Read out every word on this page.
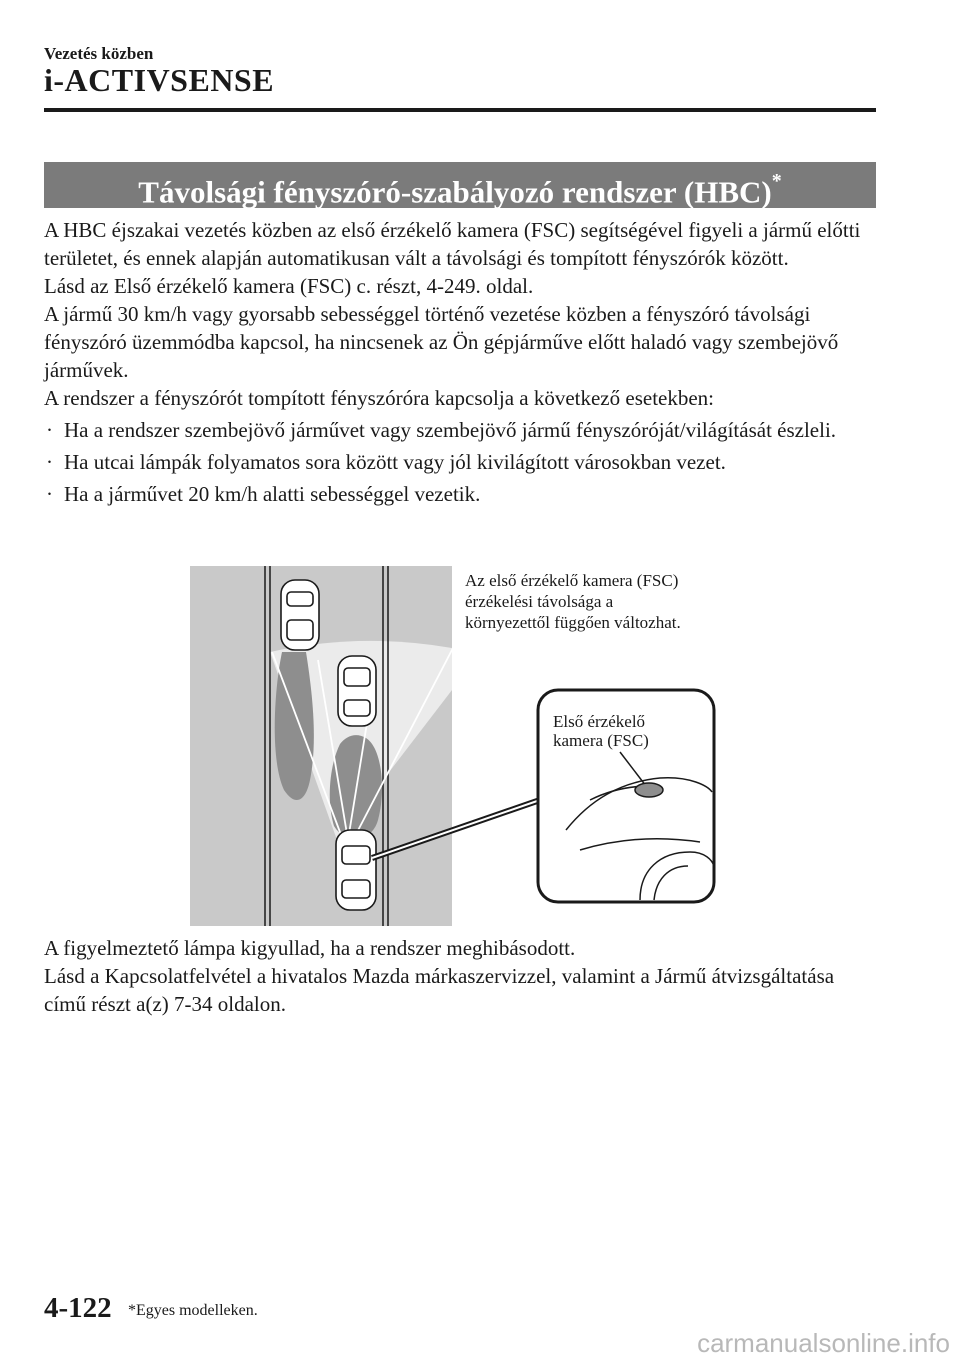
Vezetés közben
i-ACTIVSENSE
Távolsági fényszóró-szabályozó rendszer (HBC)*

A HBC éjszakai vezetés közben az első érzékelő kamera (FSC) segítségével figyeli a jármű előtti területet, és ennek alapján automatikusan vált a távolsági és tompított fényszórók között.

Lásd az Első érzékelő kamera (FSC) c. részt, 4-249. oldal.

A jármű 30 km/h vagy gyorsabb sebességgel történő vezetése közben a fényszóró távolsági fényszóró üzemmódba kapcsol, ha nincsenek az Ön gépjárműve előtt haladó vagy szembejövő járművek.

A rendszer a fényszórót tompított fényszóróra kapcsolja a következő esetekben:

· Ha a rendszer szembejövő járművet vagy szembejövő jármű fényszóróját/világítását észleli.
· Ha utcai lámpák folyamatos sora között vagy jól kivilágított városokban vezet.
· Ha a járművet 20 km/h alatti sebességgel vezetik.
Az első érzékelő kamera (FSC)
érzékelési távolsága a
környezettől függően változhat.
Első érzékelő
kamera (FSC)

A figyelmeztető lámpa kigyullad, ha a rendszer meghibásodott.

Lásd a Kapcsolatfelvétel a hivatalos Mazda márkaszervizzel, valamint a Jármű átvizsgáltatása című részt a(z) 7-34 oldalon.

4-122 *Egyes modelleken.
carmanualsonline.info
